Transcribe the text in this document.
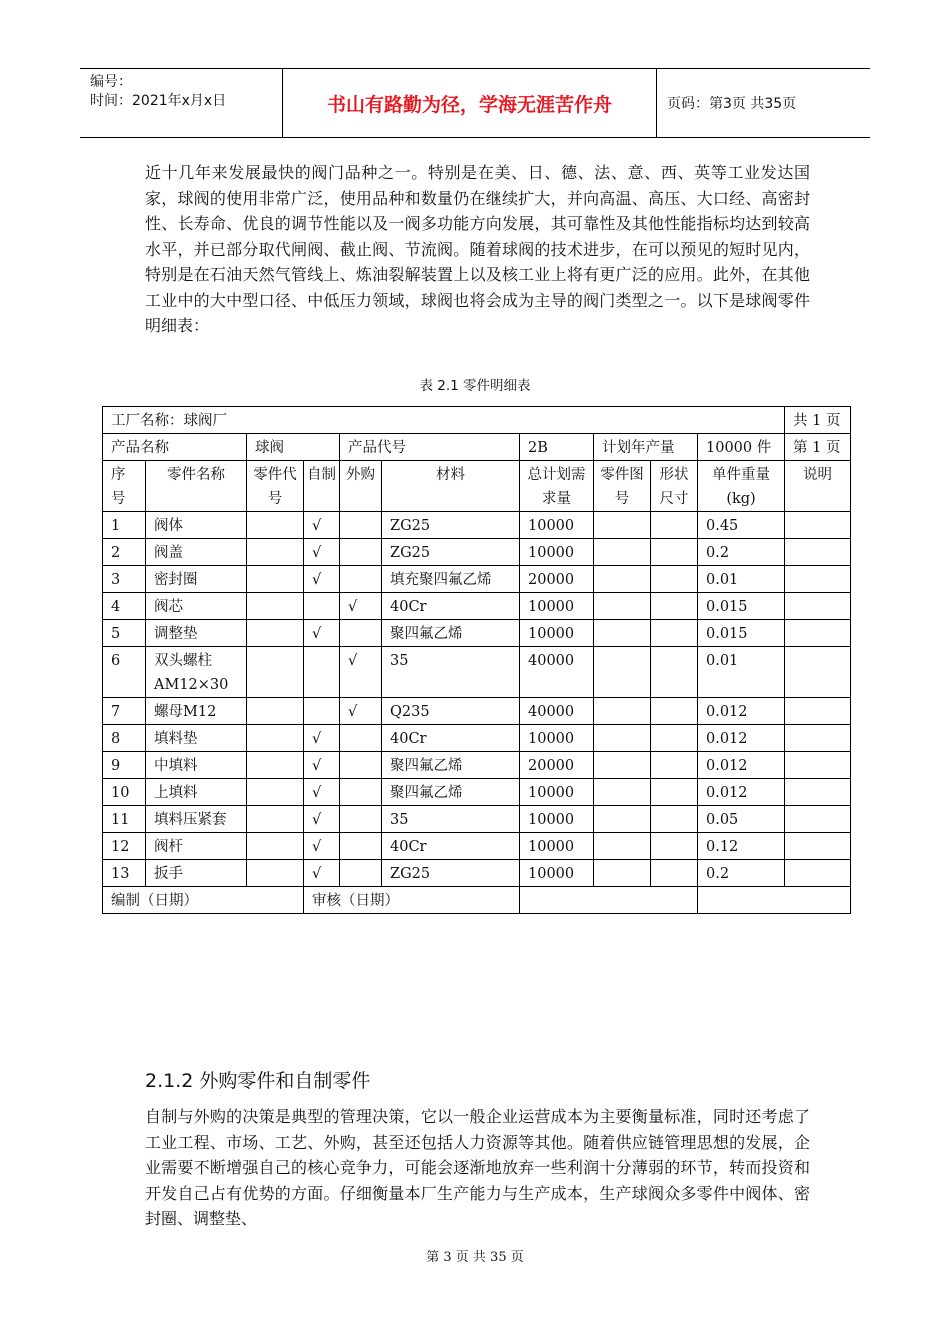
编号：
时间：2021年x月x日	书山有路勤为径，学海无涯苦作舟	页码：第3页 共35页
近十几年来发展最快的阀门品种之一。特别是在美、日、德、法、意、西、英等工业发达国家，球阀的使用非常广泛，使用品种和数量仍在继续扩大，并向高温、高压、大口经、高密封性、长寿命、优良的调节性能以及一阀多功能方向发展，其可靠性及其他性能指标均达到较高水平，并已部分取代闸阀、截止阀、节流阀。随着球阀的技术进步，在可以预见的短时见内，特别是在石油天然气管线上、炼油裂解装置上以及核工业上将有更广泛的应用。此外，在其他工业中的大中型口径、中低压力领域，球阀也将会成为主导的阀门类型之一。以下是球阀零件明细表：
表 2.1 零件明细表
工厂名称：球阀厂										共 1 页
产品名称		球阀		产品代号		2B	计划年产量		10000 件	第 1 页
序号	零件名称	零件代号	自制	外购	材料	总计划需求量	零件图号	形状尺寸	单件重量(kg)	说明
1	阀体		√		ZG25	10000			0.45	
2	阀盖		√		ZG25	10000			0.2	
3	密封圈		√		填充聚四氟乙烯	20000			0.01	
4	阀芯			√	40Cr	10000			0.015	
5	调整垫		√		聚四氟乙烯	10000			0.015	
6	双头螺柱AM12×30			√	35	40000			0.01	
7	螺母M12			√	Q235	40000			0.012	
8	填料垫		√		40Cr	10000			0.012	
9	中填料		√		聚四氟乙烯	20000			0.012	
10	上填料		√		聚四氟乙烯	10000			0.012	
11	填料压紧套		√		35	10000			0.05	
12	阀杆		√		40Cr	10000			0.12	
13	扳手		√		ZG25	10000			0.2	
编制（日期）			审核（日期）							
2.1.2 外购零件和自制零件
自制与外购的决策是典型的管理决策，它以一般企业运营成本为主要衡量标准，同时还考虑了工业工程、市场、工艺、外购，甚至还包括人力资源等其他。随着供应链管理思想的发展，企业需要不断增强自己的核心竞争力，可能会逐渐地放弃一些利润十分薄弱的环节，转而投资和开发自己占有优势的方面。仔细衡量本厂生产能力与生产成本，生产球阀众多零件中阀体、密封圈、调整垫、
第 3 页 共 35 页
